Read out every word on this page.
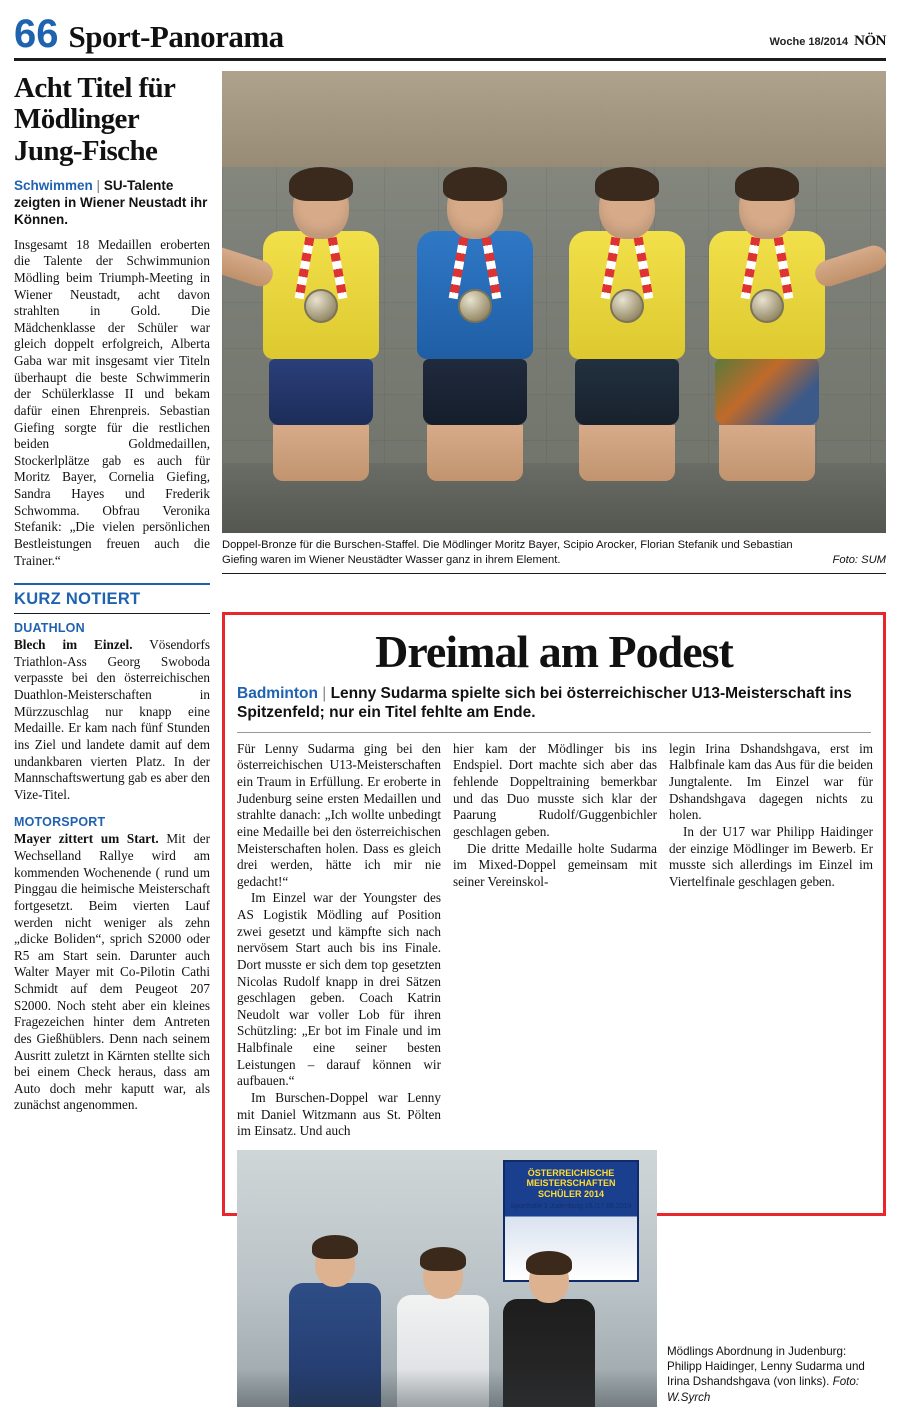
66 Sport-Panorama	Woche 18/2014 NÖN
Acht Titel für Mödlinger Jung-Fische
Schwimmen | SU-Talente zeigten in Wiener Neustadt ihr Können.

Insgesamt 18 Medaillen eroberten die Talente der Schwimmunion Mödling beim Triumph-Meeting in Wiener Neustadt, acht davon strahlten in Gold. Die Mädchenklasse der Schüler war gleich doppelt erfolgreich, Alberta Gaba war mit insgesamt vier Titeln überhaupt die beste Schwimmerin der Schülerklasse II und bekam dafür einen Ehrenpreis. Sebastian Giefing sorgte für die restlichen beiden Goldmedaillen, Stockerlplätze gab es auch für Moritz Bayer, Cornelia Giefing, Sandra Hayes und Frederik Schwomma. Obfrau Veronika Stefanik: „Die vielen persönlichen Bestleistungen freuen auch die Trainer.“

KURZ NOTIERT
DUATHLON

Blech im Einzel. Vösendorfs Triathlon-Ass Georg Swoboda verpasste bei den österreichischen Duathlon-Meisterschaften in Mürzzuschlag nur knapp eine Medaille. Er kam nach fünf Stunden ins Ziel und landete damit auf dem undankbaren vierten Platz. In der Mannschaftswertung gab es aber den Vize-Titel.

MOTORSPORT

Mayer zittert um Start. Mit der Wechselland Rallye wird am kommenden Wochenende ( rund um Pinggau die heimische Meisterschaft fortgesetzt. Beim vierten Lauf werden nicht weniger als zehn „dicke Boliden“, sprich S2000 oder R5 am Start sein. Darunter auch Walter Mayer mit Co-Pilotin Cathi Schmidt auf dem Peugeot 207 S2000. Noch steht aber ein kleines Fragezeichen hinter dem Antreten des Gießhüblers. Denn nach seinem Ausritt zuletzt in Kärnten stellte sich bei einem Check heraus, dass am Auto doch mehr kaputt war, als zunächst angenommen.

Doppel-Bronze für die Burschen-Staffel. Die Mödlinger Moritz Bayer, Scipio Arocker, Florian Stefanik und Sebastian Giefing waren im Wiener Neustädter Wasser ganz in ihrem Element.	Foto: SUM
Dreimal am Podest
Badminton | Lenny Sudarma spielte sich bei österreichischer U13-Meisterschaft ins Spitzenfeld; nur ein Titel fehlte am Ende.

Für Lenny Sudarma ging bei den österreichischen U13-Meisterschaften ein Traum in Erfüllung. Er eroberte in Judenburg seine ersten Medaillen und strahlte danach: „Ich wollte unbedingt eine Medaille bei den österreichischen Meisterschaften holen. Dass es gleich drei werden, hätte ich mir nie gedacht!“

Im Einzel war der Youngster des AS Logistik Mödling auf Position zwei gesetzt und kämpfte sich nach nervösem Start auch bis ins Finale. Dort musste er sich dem top gesetzten Nicolas Rudolf knapp in drei Sätzen geschlagen geben. Coach Katrin Neudolt war voller Lob für ihren Schützling: „Er bot im Finale und im Halbfinale eine seiner besten Leistungen – darauf können wir aufbauen.“

Im Burschen-Doppel war Lenny mit Daniel Witzmann aus St. Pölten im Einsatz. Und auch

hier kam der Mödlinger bis ins Endspiel. Dort machte sich aber das fehlende Doppeltraining bemerkbar und das Duo musste sich klar der Paarung Rudolf/Guggenbichler geschlagen geben.

Die dritte Medaille holte Sudarma im Mixed-Doppel gemeinsam mit seiner Vereinskol-

legin Irina Dshandshgava, erst im Halbfinale kam das Aus für die beiden Jungtalente. Im Einzel war für Dshandshgava dagegen nichts zu holen.

In der U17 war Philipp Haidinger der einzige Mödlinger im Bewerb. Er musste sich allerdings im Einzel im Viertelfinale geschlagen geben.

ÖSTERREICHISCHE MEISTERSCHAFTEN SCHÜLER 2014
Sportholle 1 Judenburg 16./17.05.2014
Mödlings Abordnung in Judenburg: Philipp Haidinger, Lenny Sudarma und Irina Dshandshgava (von links). Foto: W.Syrch
